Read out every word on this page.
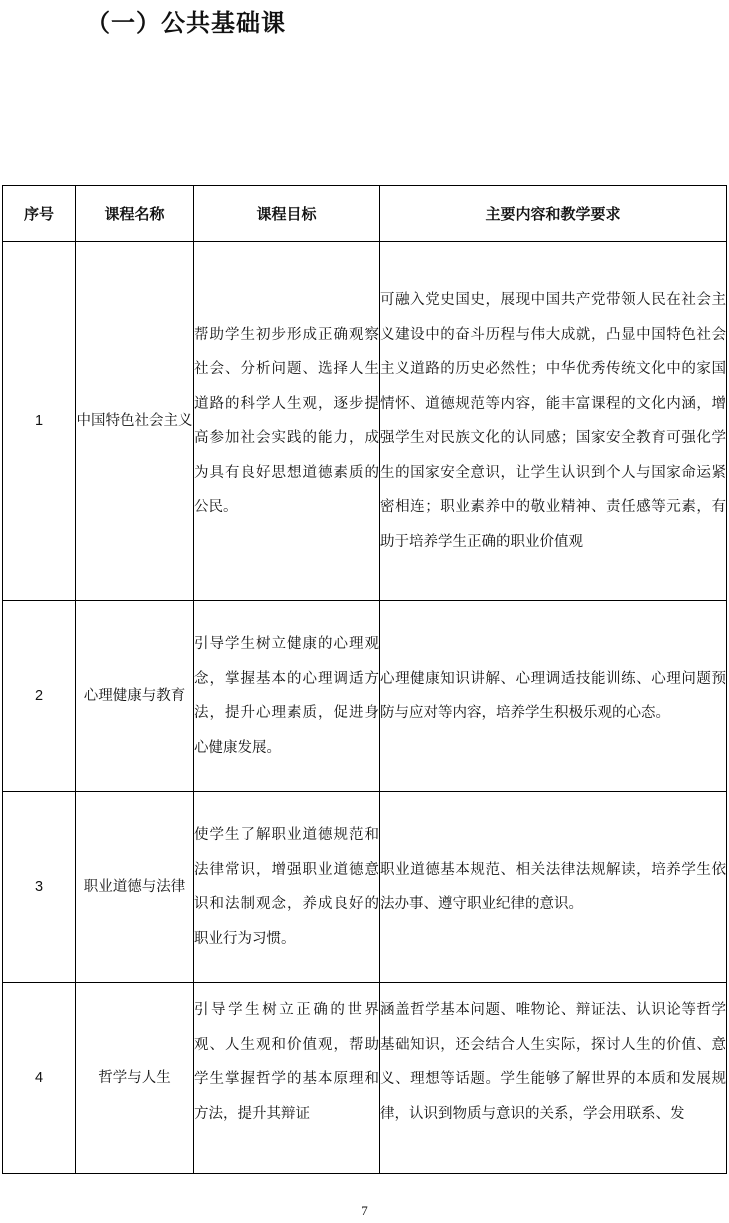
（一）公共基础课
序号	课程名称	课程目标	主要内容和教学要求
1	中国特色社会主义	帮助学生初步形成正确观察社会、分析问题、选择人生道路的科学人生观，逐步提高参加社会实践的能力，成为具有良好思想道德素质的公民。	可融入党史国史，展现中国共产党带领人民在社会主义建设中的奋斗历程与伟大成就，凸显中国特色社会主义道路的历史必然性；中华优秀传统文化中的家国情怀、道德规范等内容，能丰富课程的文化内涵，增强学生对民族文化的认同感；国家安全教育可强化学生的国家安全意识，让学生认识到个人与国家命运紧密相连；职业素养中的敬业精神、责任感等元素，有助于培养学生正确的职业价值观
2	心理健康与教育	引导学生树立健康的心理观念，掌握基本的心理调适方法，提升心理素质，促进身心健康发展。	心理健康知识讲解、心理调适技能训练、心理问题预防与应对等内容，培养学生积极乐观的心态。
3	职业道德与法律	使学生了解职业道德规范和法律常识，增强职业道德意识和法制观念，养成良好的职业行为习惯。	职业道德基本规范、相关法律法规解读，培养学生依法办事、遵守职业纪律的意识。

4	哲学与人生	引导学生树立正确的世界观、人生观和价值观，帮助学生掌握哲学的基本原理和方法，提升其辩证	涵盖哲学基本问题、唯物论、辩证法、认识论等哲学基础知识，还会结合人生实际，探讨人生的价值、意义、理想等话题。学生能够了解世界的本质和发展规律，认识到物质与意识的关系，学会用联系、发
7
